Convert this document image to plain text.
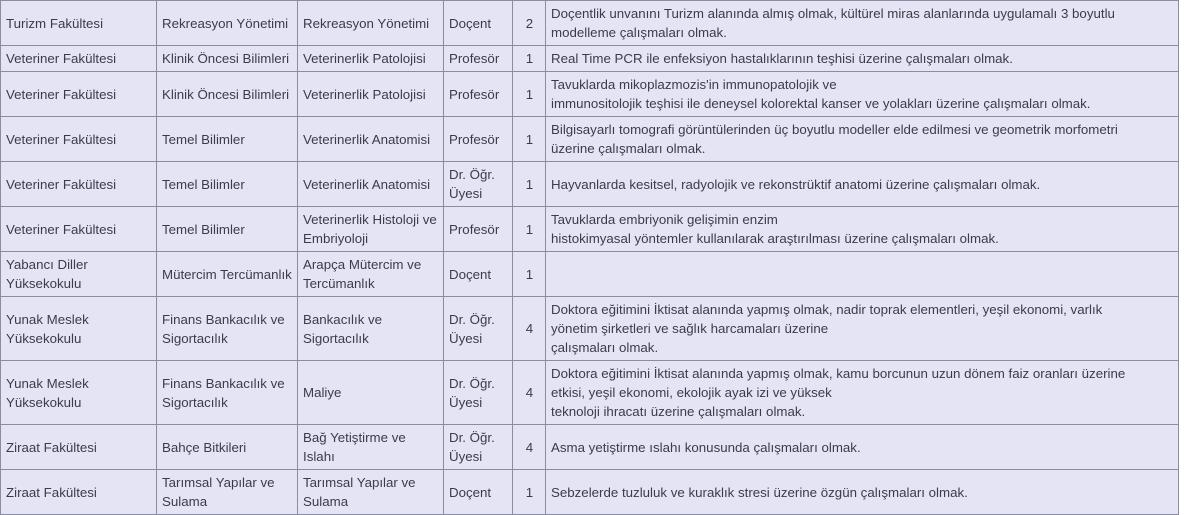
Turizm Fakültesi	Rekreasyon Yönetimi	Rekreasyon Yönetimi	Doçent	2	Doçentlik unvanını Turizm alanında almış olmak, kültürel miras alanlarında uygulamalı 3 boyutlu
modelleme çalışmaları olmak.

Veteriner Fakültesi	Klinik Öncesi Bilimleri	Veterinerlik Patolojisi	Profesör	1	Real Time PCR ile enfeksiyon hastalıklarının teşhisi üzerine çalışmaları olmak.

Veteriner Fakültesi	Klinik Öncesi Bilimleri	Veterinerlik Patolojisi	Profesör	1	Tavuklarda mikoplazmozis'in immunopatolojik ve
immunositolojik teşhisi ile deneysel kolorektal kanser ve yolakları üzerine çalışmaları olmak.

Veteriner Fakültesi	Temel Bilimler	Veterinerlik Anatomisi	Profesör	1	Bilgisayarlı tomografi görüntülerinden üç boyutlu modeller elde edilmesi ve geometrik morfometri
üzerine çalışmaları olmak.

Veteriner Fakültesi	Temel Bilimler	Veterinerlik Anatomisi	Dr. Öğr. Üyesi	1	Hayvanlarda kesitsel, radyolojik ve rekonstrüktif anatomi üzerine çalışmaları olmak.

Veteriner Fakültesi	Temel Bilimler	Veterinerlik Histoloji ve Embriyoloji	Profesör	1	Tavuklarda embriyonik gelişimin enzim
histokimyasal yöntemler kullanılarak araştırılması üzerine çalışmaları olmak.

Yabancı Diller Yüksekokulu	Mütercim Tercümanlık	Arapça Mütercim ve Tercümanlık	Doçent	1	

Yunak Meslek Yüksekokulu	Finans Bankacılık ve Sigortacılık	Bankacılık ve Sigortacılık	Dr. Öğr. Üyesi	4	Doktora eğitimini İktisat alanında yapmış olmak, nadir toprak elementleri, yeşil ekonomi, varlık
yönetim şirketleri ve sağlık harcamaları üzerine
çalışmaları olmak.

Yunak Meslek Yüksekokulu	Finans Bankacılık ve Sigortacılık	Maliye	Dr. Öğr. Üyesi	4	Doktora eğitimini İktisat alanında yapmış olmak, kamu borcunun uzun dönem faiz oranları üzerine
etkisi, yeşil ekonomi, ekolojik ayak izi ve yüksek
teknoloji ihracatı üzerine çalışmaları olmak.

Ziraat Fakültesi	Bahçe Bitkileri	Bağ Yetiştirme ve Islahı	Dr. Öğr. Üyesi	4	Asma yetiştirme ıslahı konusunda çalışmaları olmak.

Ziraat Fakültesi	Tarımsal Yapılar ve Sulama	Tarımsal Yapılar ve Sulama	Doçent	1	Sebzelerde tuzluluk ve kuraklık stresi üzerine özgün çalışmaları olmak.
